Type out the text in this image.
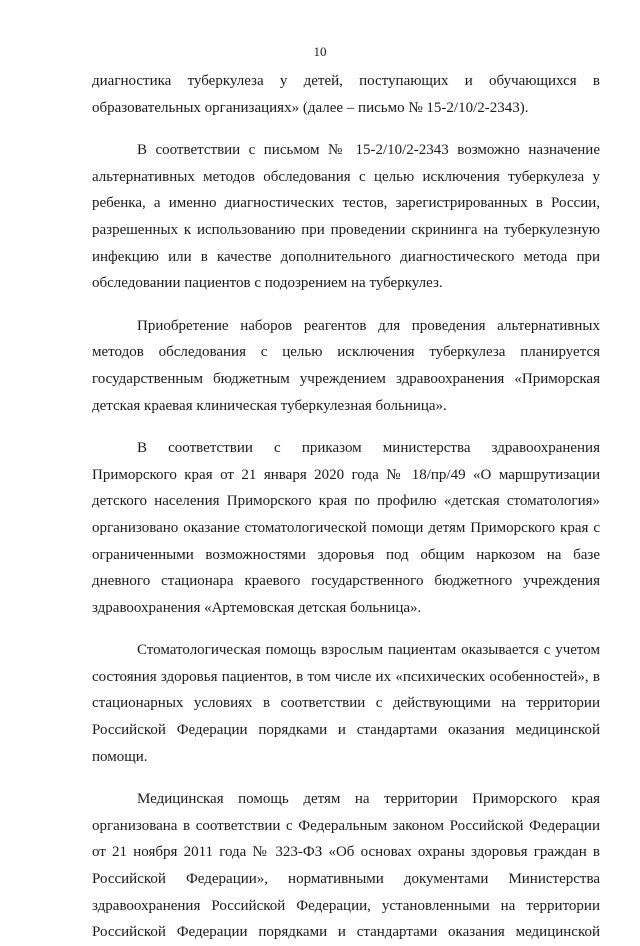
10

диагностика туберкулеза у детей, поступающих и обучающихся в образовательных организациях» (далее – письмо № 15-2/10/2-2343).

В соответствии с письмом № 15-2/10/2-2343 возможно назначение альтернативных методов обследования с целью исключения туберкулеза у ребенка, а именно диагностических тестов, зарегистрированных в России, разрешенных к использованию при проведении скрининга на туберкулезную инфекцию или в качестве дополнительного диагностического метода при обследовании пациентов с подозрением на туберкулез.

Приобретение наборов реагентов для проведения альтернативных методов обследования с целью исключения туберкулеза планируется государственным бюджетным учреждением здравоохранения «Приморская детская краевая клиническая туберкулезная больница».

В соответствии с приказом министерства здравоохранения Приморского края от 21 января 2020 года № 18/пр/49 «О маршрутизации детского населения Приморского края по профилю «детская стоматология» организовано оказание стоматологической помощи детям Приморского края с ограниченными возможностями здоровья под общим наркозом на базе дневного стационара краевого государственного бюджетного учреждения здравоохранения «Артемовская детская больница».

Стоматологическая помощь взрослым пациентам оказывается с учетом состояния здоровья пациентов, в том числе их «психических особенностей», в стационарных условиях в соответствии с действующими на территории Российской Федерации порядками и стандартами оказания медицинской помощи.

Медицинская помощь детям на территории Приморского края организована в соответствии с Федеральным законом Российской Федерации от 21 ноября 2011 года № 323-ФЗ «Об основах охраны здоровья граждан в Российской Федерации», нормативными документами Министерства здравоохранения Российской Федерации, установленными на территории Российской Федерации порядками и стандартами оказания медицинской
